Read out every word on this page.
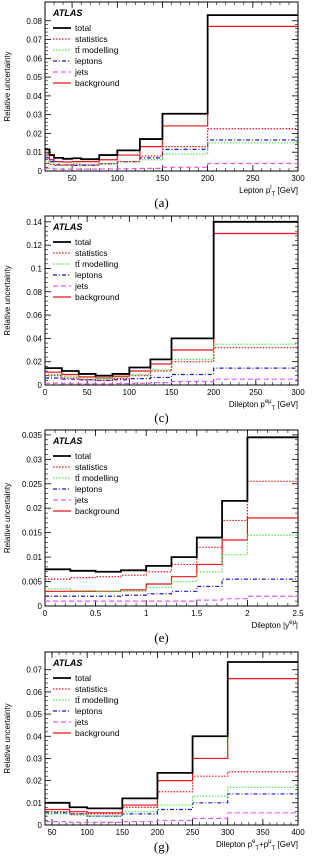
0
0.01
0.02
0.03
0.04
0.05
0.06
0.07
0.08
50	100	150	200	250	300
ATLAS
total
statistics
tt̄ modelling
leptons
jets
background
Relative uncertainty
Lepton $p^l_T$ [GeV]
(a)
0
0.02
0.04
0.06
0.08
0.1
0.12
0.14
0	50	100	150	200	250	300
ATLAS
total
statistics
tt̄ modelling
leptons
jets
background
Relative uncertainty
Dilepton $p^{e\mu}_T$ [GeV]
(c)
0
0.005
0.01
0.015
0.02
0.025
0.03
0.035
0	0.5	1	1.5	2	2.5
ATLAS
total
statistics
tt̄ modelling
leptons
jets
background
Relative uncertainty
Dilepton $|y^{e\mu}|$
(e)
0
0.01
0.02
0.03
0.04
0.05
0.06
0.07
50	100	150	200	250	300	350	400
ATLAS
total
statistics
tt̄ modelling
leptons
jets
background
Relative uncertainty
Dilepton $p^e_T+p^\mu_T$ [GeV]
(g)
